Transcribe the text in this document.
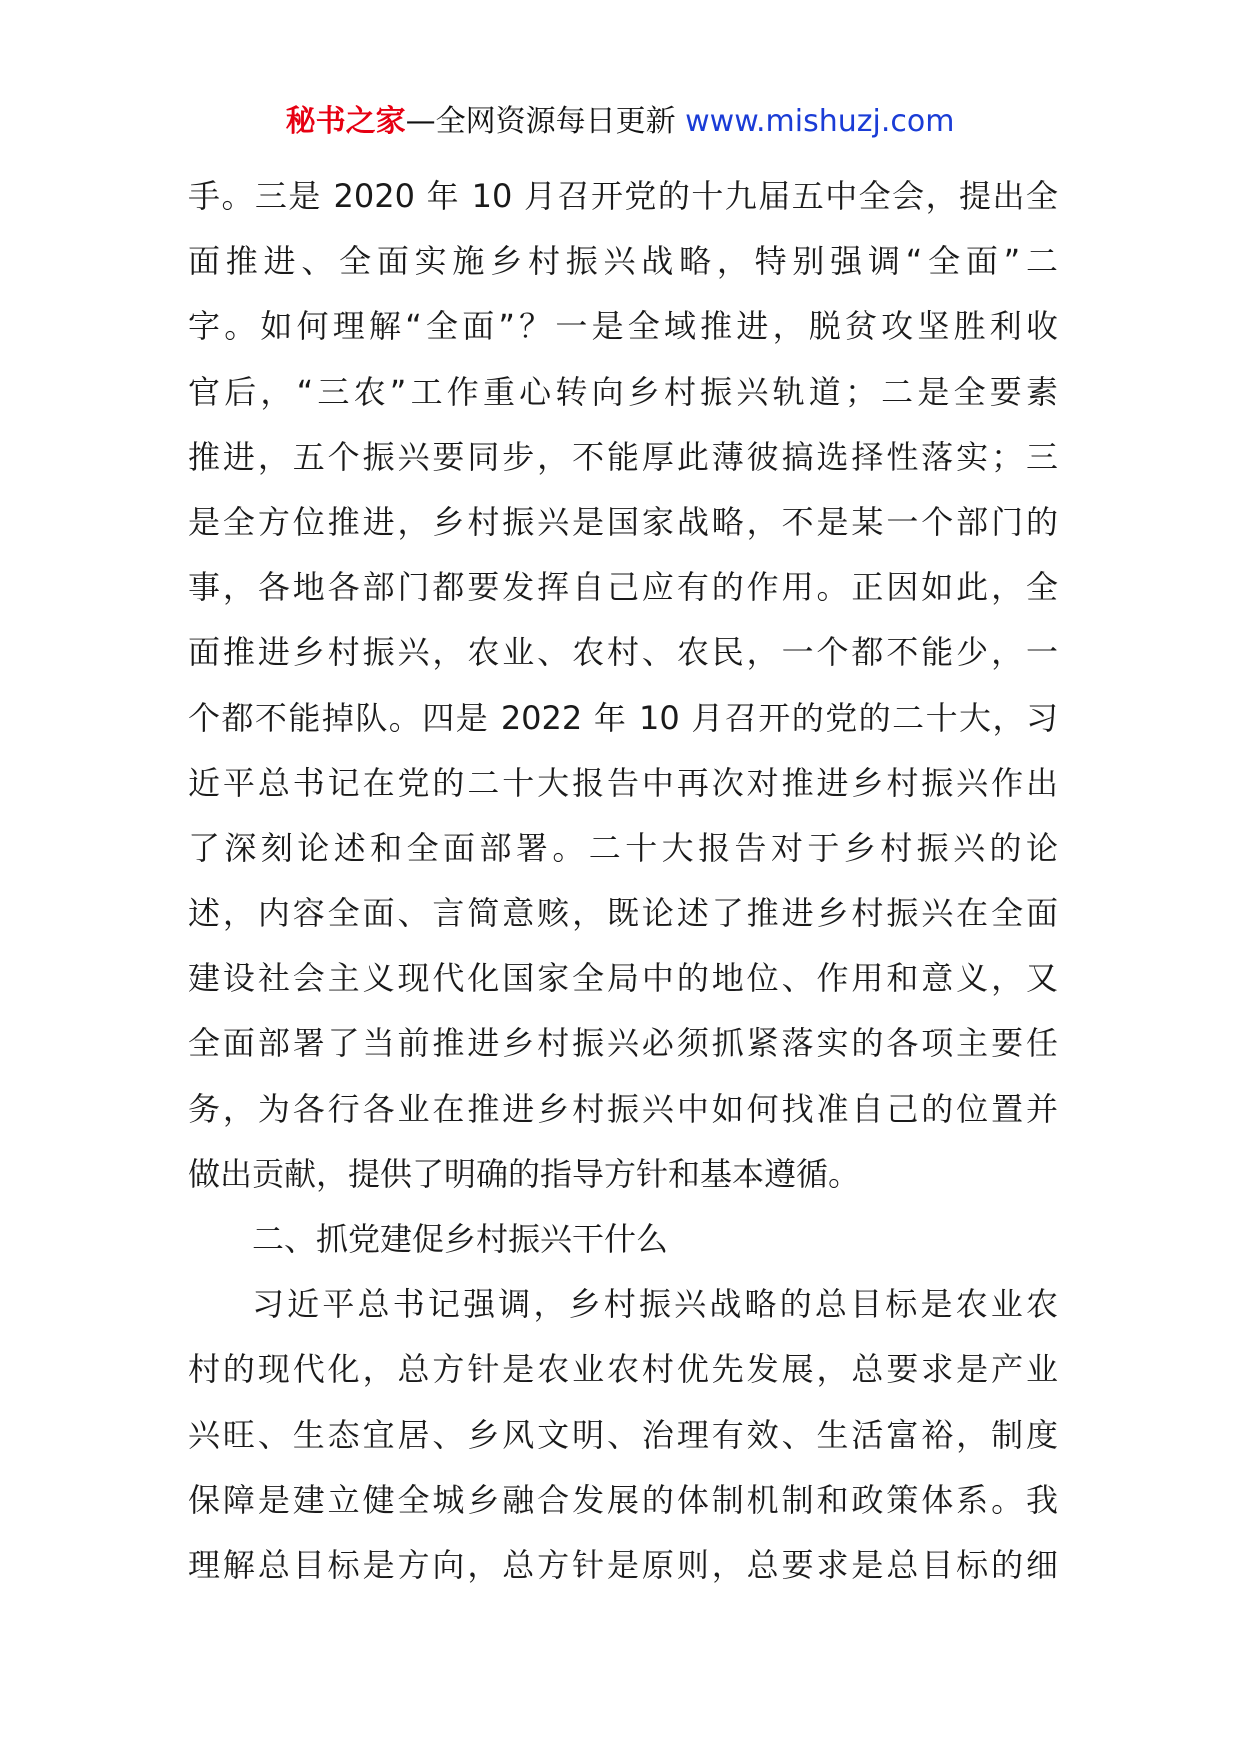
秘书之家—全网资源每日更新 www.mishuzj.com
手。三是 2020 年 10 月召开党的十九届五中全会，提出全
面推进、全面实施乡村振兴战略，特别强调“全面”二
字。如何理解“全面”？一是全域推进，脱贫攻坚胜利收
官后，“三农”工作重心转向乡村振兴轨道；二是全要素
推进，五个振兴要同步，不能厚此薄彼搞选择性落实；三
是全方位推进，乡村振兴是国家战略，不是某一个部门的
事，各地各部门都要发挥自己应有的作用。正因如此，全
面推进乡村振兴，农业、农村、农民，一个都不能少，一
个都不能掉队。四是 2022 年 10 月召开的党的二十大，习
近平总书记在党的二十大报告中再次对推进乡村振兴作出
了深刻论述和全面部署。二十大报告对于乡村振兴的论
述，内容全面、言简意赅，既论述了推进乡村振兴在全面
建设社会主义现代化国家全局中的地位、作用和意义，又
全面部署了当前推进乡村振兴必须抓紧落实的各项主要任
务，为各行各业在推进乡村振兴中如何找准自己的位置并
做出贡献，提供了明确的指导方针和基本遵循。
二、抓党建促乡村振兴干什么
习近平总书记强调，乡村振兴战略的总目标是农业农
村的现代化，总方针是农业农村优先发展，总要求是产业
兴旺、生态宜居、乡风文明、治理有效、生活富裕，制度
保障是建立健全城乡融合发展的体制机制和政策体系。我
理解总目标是方向，总方针是原则，总要求是总目标的细
